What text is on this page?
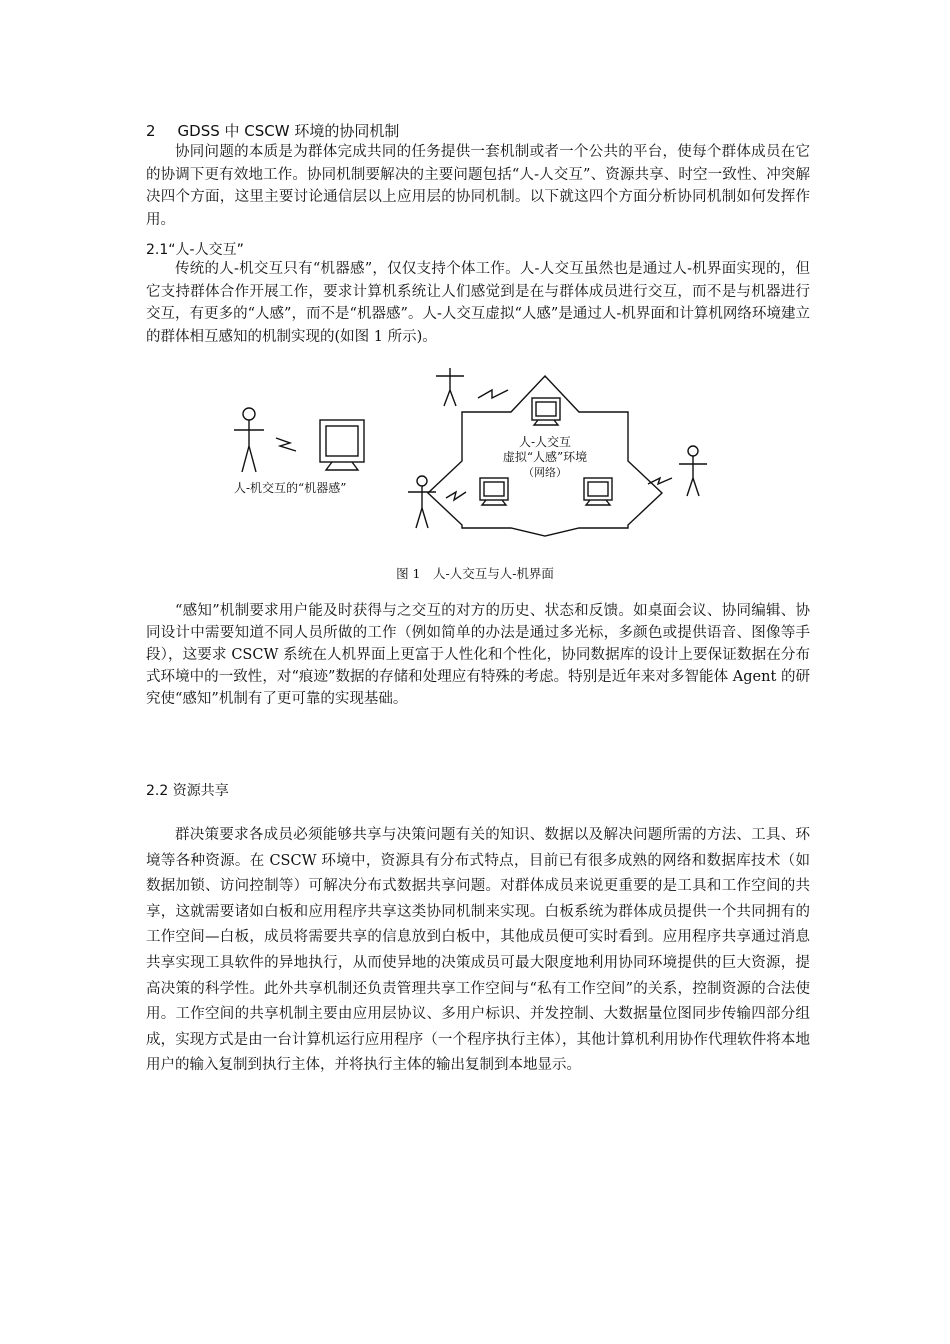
2 GDSS 中 CSCW 环境的协同机制

协同问题的本质是为群体完成共同的任务提供一套机制或者一个公共的平台，使每个群体成员在它的协调下更有效地工作。协同机制要解决的主要问题包括“人-人交互”、资源共享、时空一致性、冲突解决四个方面，这里主要讨论通信层以上应用层的协同机制。以下就这四个方面分析协同机制如何发挥作用。

2.1“人-人交互”

传统的人-机交互只有“机器感”，仅仅支持个体工作。人-人交互虽然也是通过人-机界面实现的，但它支持群体合作开展工作，要求计算机系统让人们感觉到是在与群体成员进行交互，而不是与机器进行交互，有更多的“人感”，而不是“机器感”。人-人交互虚拟“人感”是通过人-机界面和计算机网络环境建立的群体相互感知的机制实现的(如图 1 所示)。

人-机交互的“机器感”
人-人交互
虚拟“人感”环境
（网络）
图 1　人-人交互与人-机界面

“感知”机制要求用户能及时获得与之交互的对方的历史、状态和反馈。如桌面会议、协同编辑、协同设计中需要知道不同人员所做的工作（例如简单的办法是通过多光标，多颜色或提供语音、图像等手段），这要求 CSCW 系统在人机界面上更富于人性化和个性化，协同数据库的设计上要保证数据在分布式环境中的一致性，对“痕迹”数据的存储和处理应有特殊的考虑。特别是近年来对多智能体 Agent 的研究使“感知”机制有了更可靠的实现基础。

2.2 资源共享

群决策要求各成员必须能够共享与决策问题有关的知识、数据以及解决问题所需的方法、工具、环境等各种资源。在 CSCW 环境中，资源具有分布式特点，目前已有很多成熟的网络和数据库技术（如数据加锁、访问控制等）可解决分布式数据共享问题。对群体成员来说更重要的是工具和工作空间的共享，这就需要诸如白板和应用程序共享这类协同机制来实现。白板系统为群体成员提供一个共同拥有的工作空间—白板，成员将需要共享的信息放到白板中，其他成员便可实时看到。应用程序共享通过消息共享实现工具软件的异地执行，从而使异地的决策成员可最大限度地利用协同环境提供的巨大资源，提高决策的科学性。此外共享机制还负责管理共享工作空间与“私有工作空间”的关系，控制资源的合法使用。工作空间的共享机制主要由应用层协议、多用户标识、并发控制、大数据量位图同步传输四部分组成，实现方式是由一台计算机运行应用程序（一个程序执行主体），其他计算机利用协作代理软件将本地用户的输入复制到执行主体，并将执行主体的输出复制到本地显示。
